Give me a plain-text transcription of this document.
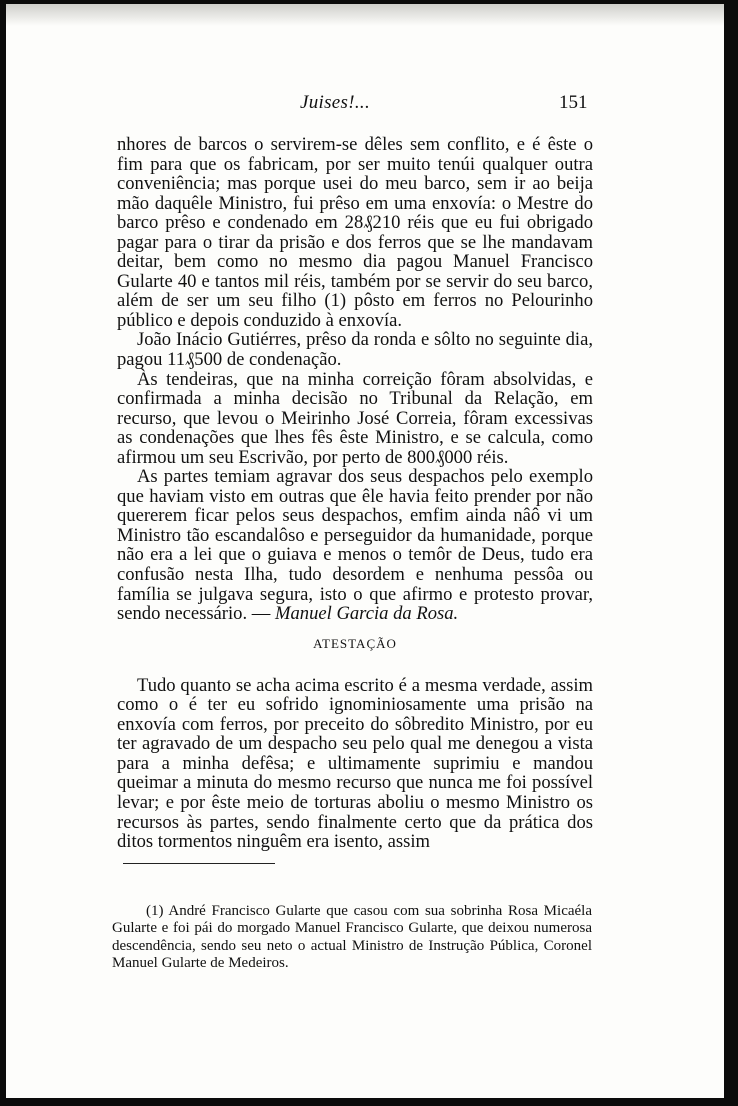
Juises!...	151

nhores de barcos o servirem-se dêles sem conflito, e é êste o fim para que os fabricam, por ser muito tenúi qualquer outra conveniência; mas porque usei do meu barco, sem ir ao beija mão daquêle Ministro, fui prêso em uma enxovía: o Mestre do barco prêso e condenado em 28₰210 réis que eu fui obrigado pagar para o tirar da prisão e dos ferros que se lhe mandavam deitar, bem como no mesmo dia pagou Manuel Francisco Gularte 40 e tantos mil réis, também por se servir do seu barco, além de ser um seu filho (1) pôsto em ferros no Pelourinho público e depois conduzido à enxovía.

João Inácio Gutiérres, prêso da ronda e sôlto no seguinte dia, pagou 11₰500 de condenação.

Às tendeiras, que na minha correição fôram absolvidas, e confirmada a minha decisão no Tribunal da Relação, em recurso, que levou o Meirinho José Correia, fôram excessivas as condenações que lhes fês êste Ministro, e se calcula, como afirmou um seu Escrivão, por perto de 800₰000 réis.

As partes temiam agravar dos seus despachos pelo exemplo que haviam visto em outras que êle havia feito prender por não quererem ficar pelos seus despachos, emfim ainda nâô vi um Ministro tão escandalôso e perseguidor da humanidade, porque não era a lei que o guiava e menos o temôr de Deus, tudo era confusão nesta Ilha, tudo desordem e nenhuma pessôa ou família se julgava segura, isto o que afirmo e protesto provar, sendo necessário. — Manuel Garcia da Rosa.

ATESTAÇÃO

Tudo quanto se acha acima escrito é a mesma verdade, assim como o é ter eu sofrido ignominiosamente uma prisão na enxovía com ferros, por preceito do sôbredito Ministro, por eu ter agravado de um despacho seu pelo qual me denegou a vista para a minha defêsa; e ultimamente suprimiu e mandou queimar a minuta do mesmo recurso que nunca me foi possível levar; e por êste meio de torturas aboliu o mesmo Ministro os recursos às partes, sendo finalmente certo que da prática dos ditos tormentos ninguêm era isento, assim

(1) André Francisco Gularte que casou com sua sobrinha Rosa Micaéla Gularte e foi pái do morgado Manuel Francisco Gularte, que deixou numerosa descendência, sendo seu neto o actual Ministro de Instrução Pública, Coronel Manuel Gularte de Medeiros.
